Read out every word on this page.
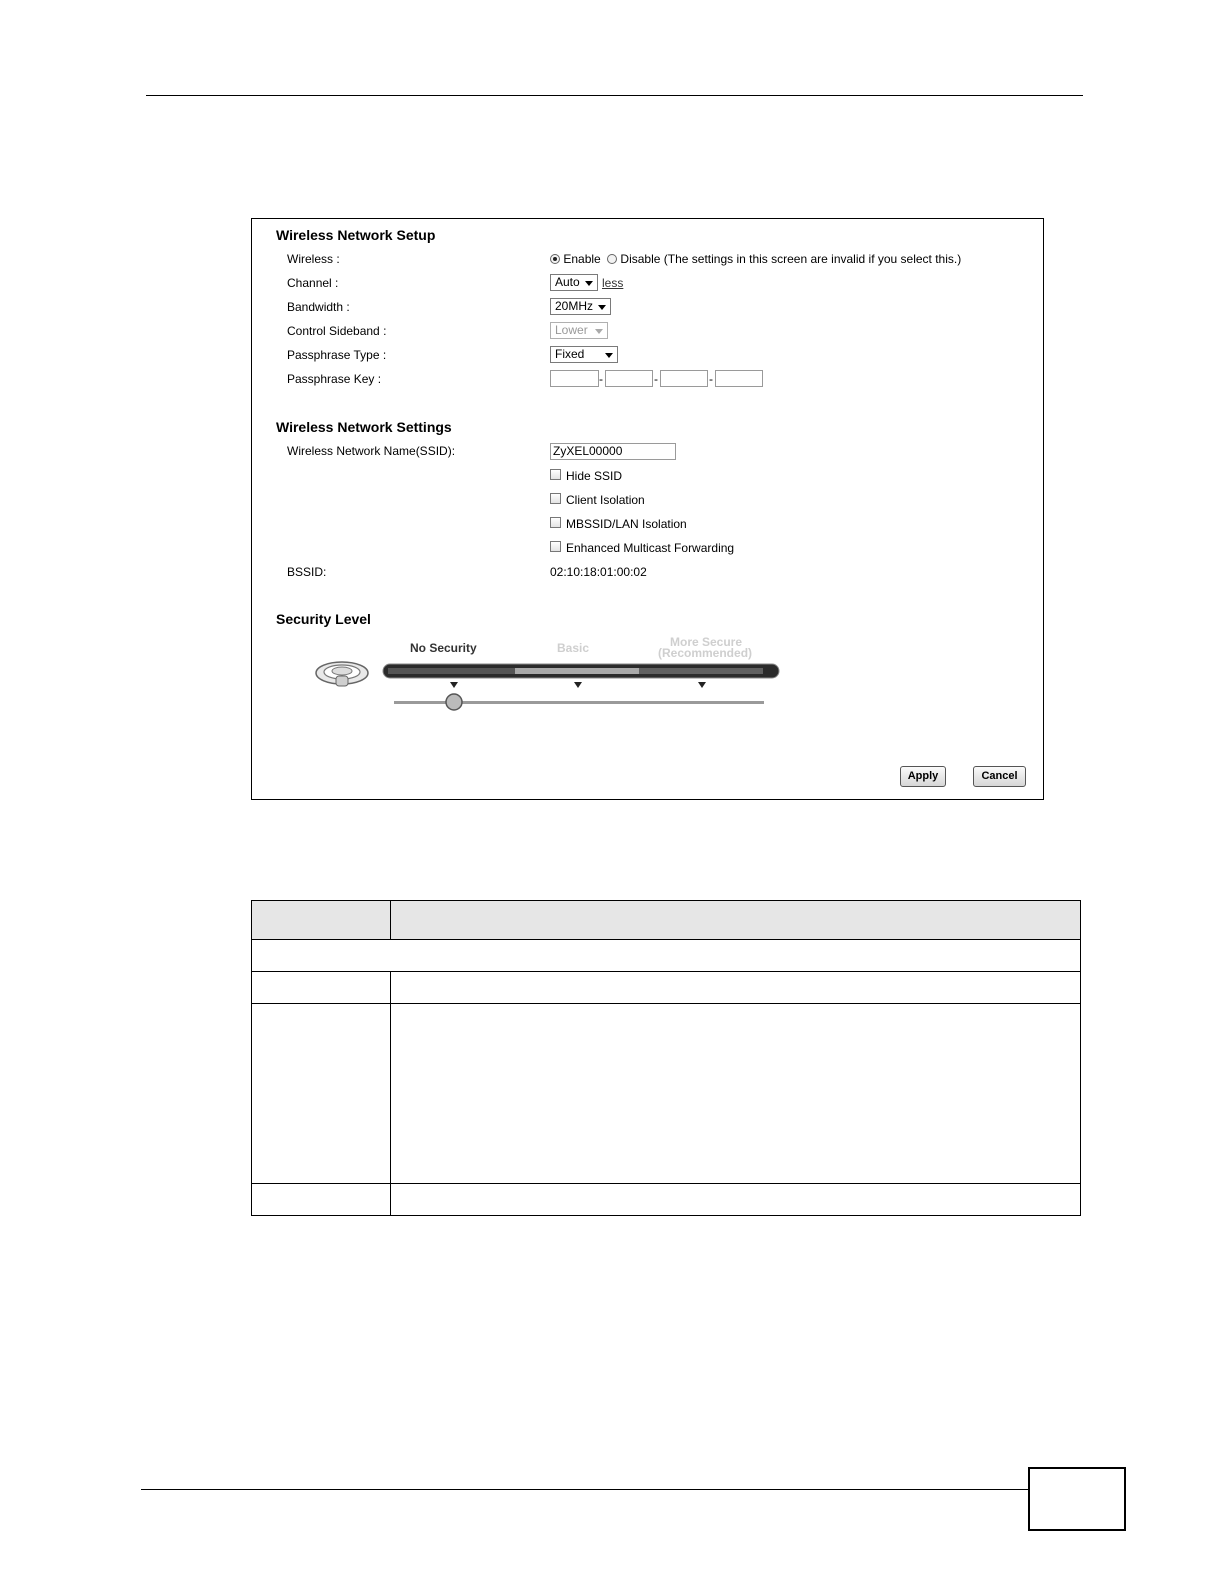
Wireless Network Setup
Wireless :	Enable Disable (The settings in this screen are invalid if you select this.)
Channel :	Auto	less
Bandwidth :	20MHz
Control Sideband :	Lower
Passphrase Type :	Fixed
Passphrase Key :	-	-	-
Wireless Network Settings
Wireless Network Name(SSID):	ZyXEL00000
Hide SSID
Client Isolation
MBSSID/LAN Isolation
Enhanced Multicast Forwarding
BSSID:	02:10:18:01:00:02
Security Level
No Security	Basic	More Secure
(Recommended)
Apply	Cancel
